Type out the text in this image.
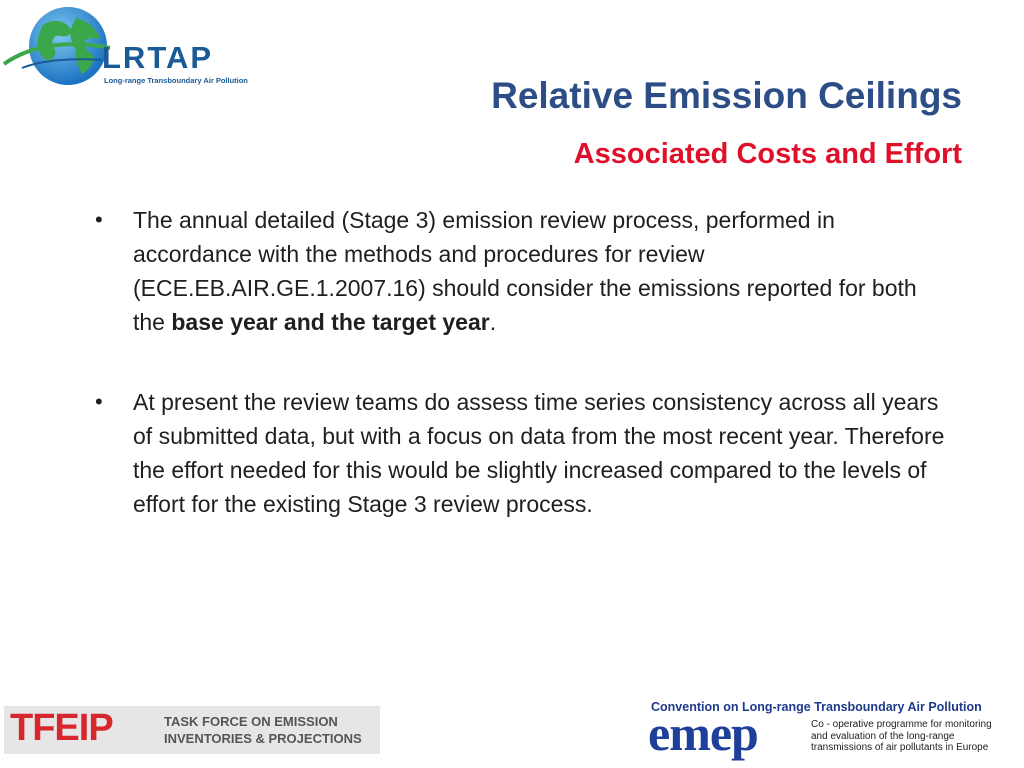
LRTAP
Long-range Transboundary Air Pollution	Relative Emission Ceilings
Associated Costs and Effort
• The annual detailed (Stage 3) emission review process, performed in accordance with the methods and procedures for review (ECE.EB.AIR.GE.1.2007.16) should consider the emissions reported for both the base year and the target year.
• At present the review teams do assess time series consistency across all years of submitted data, but with a focus on data from the most recent year. Therefore the effort needed for this would be slightly increased compared to the levels of effort for the existing Stage 3 review process.
TFEIP	TASK FORCE ON EMISSION
INVENTORIES & PROJECTIONS
Convention on Long-range Transboundary Air Pollution
emep	Co - operative programme for monitoring
and evaluation of the long-range
transmissions of air pollutants in Europe
